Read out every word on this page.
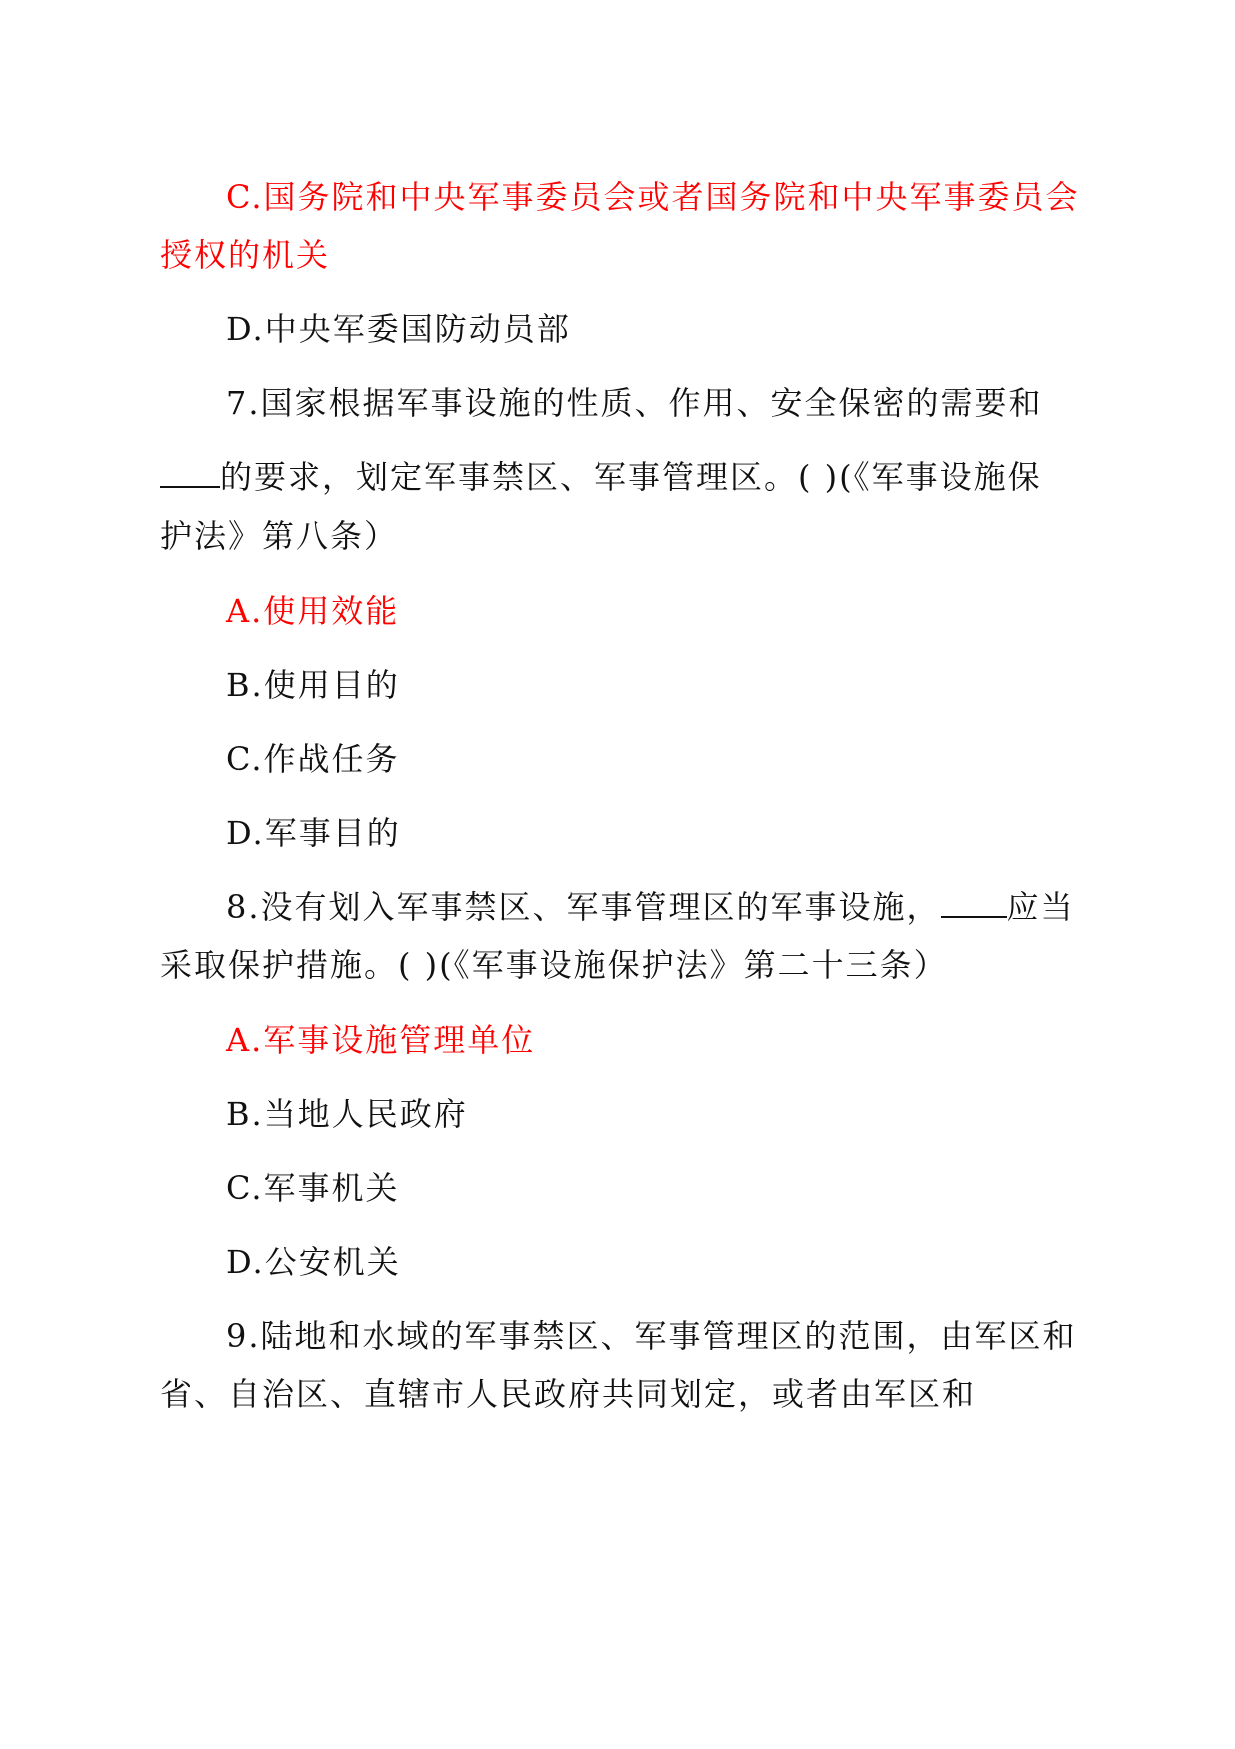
C.国务院和中央军事委员会或者国务院和中央军事委员会
授权的机关
D.中央军委国防动员部
7.国家根据军事设施的性质、作用、安全保密的需要和
的要求，划定军事禁区、军事管理区。( )(《军事设施保
护法》第八条）
A.使用效能
B.使用目的
C.作战任务
D.军事目的
8.没有划入军事禁区、军事管理区的军事设施， 应当
采取保护措施。( )(《军事设施保护法》第二十三条）
A.军事设施管理单位
B.当地人民政府
C.军事机关
D.公安机关
9.陆地和水域的军事禁区、军事管理区的范围，由军区和
省、自治区、直辖市人民政府共同划定，或者由军区和
